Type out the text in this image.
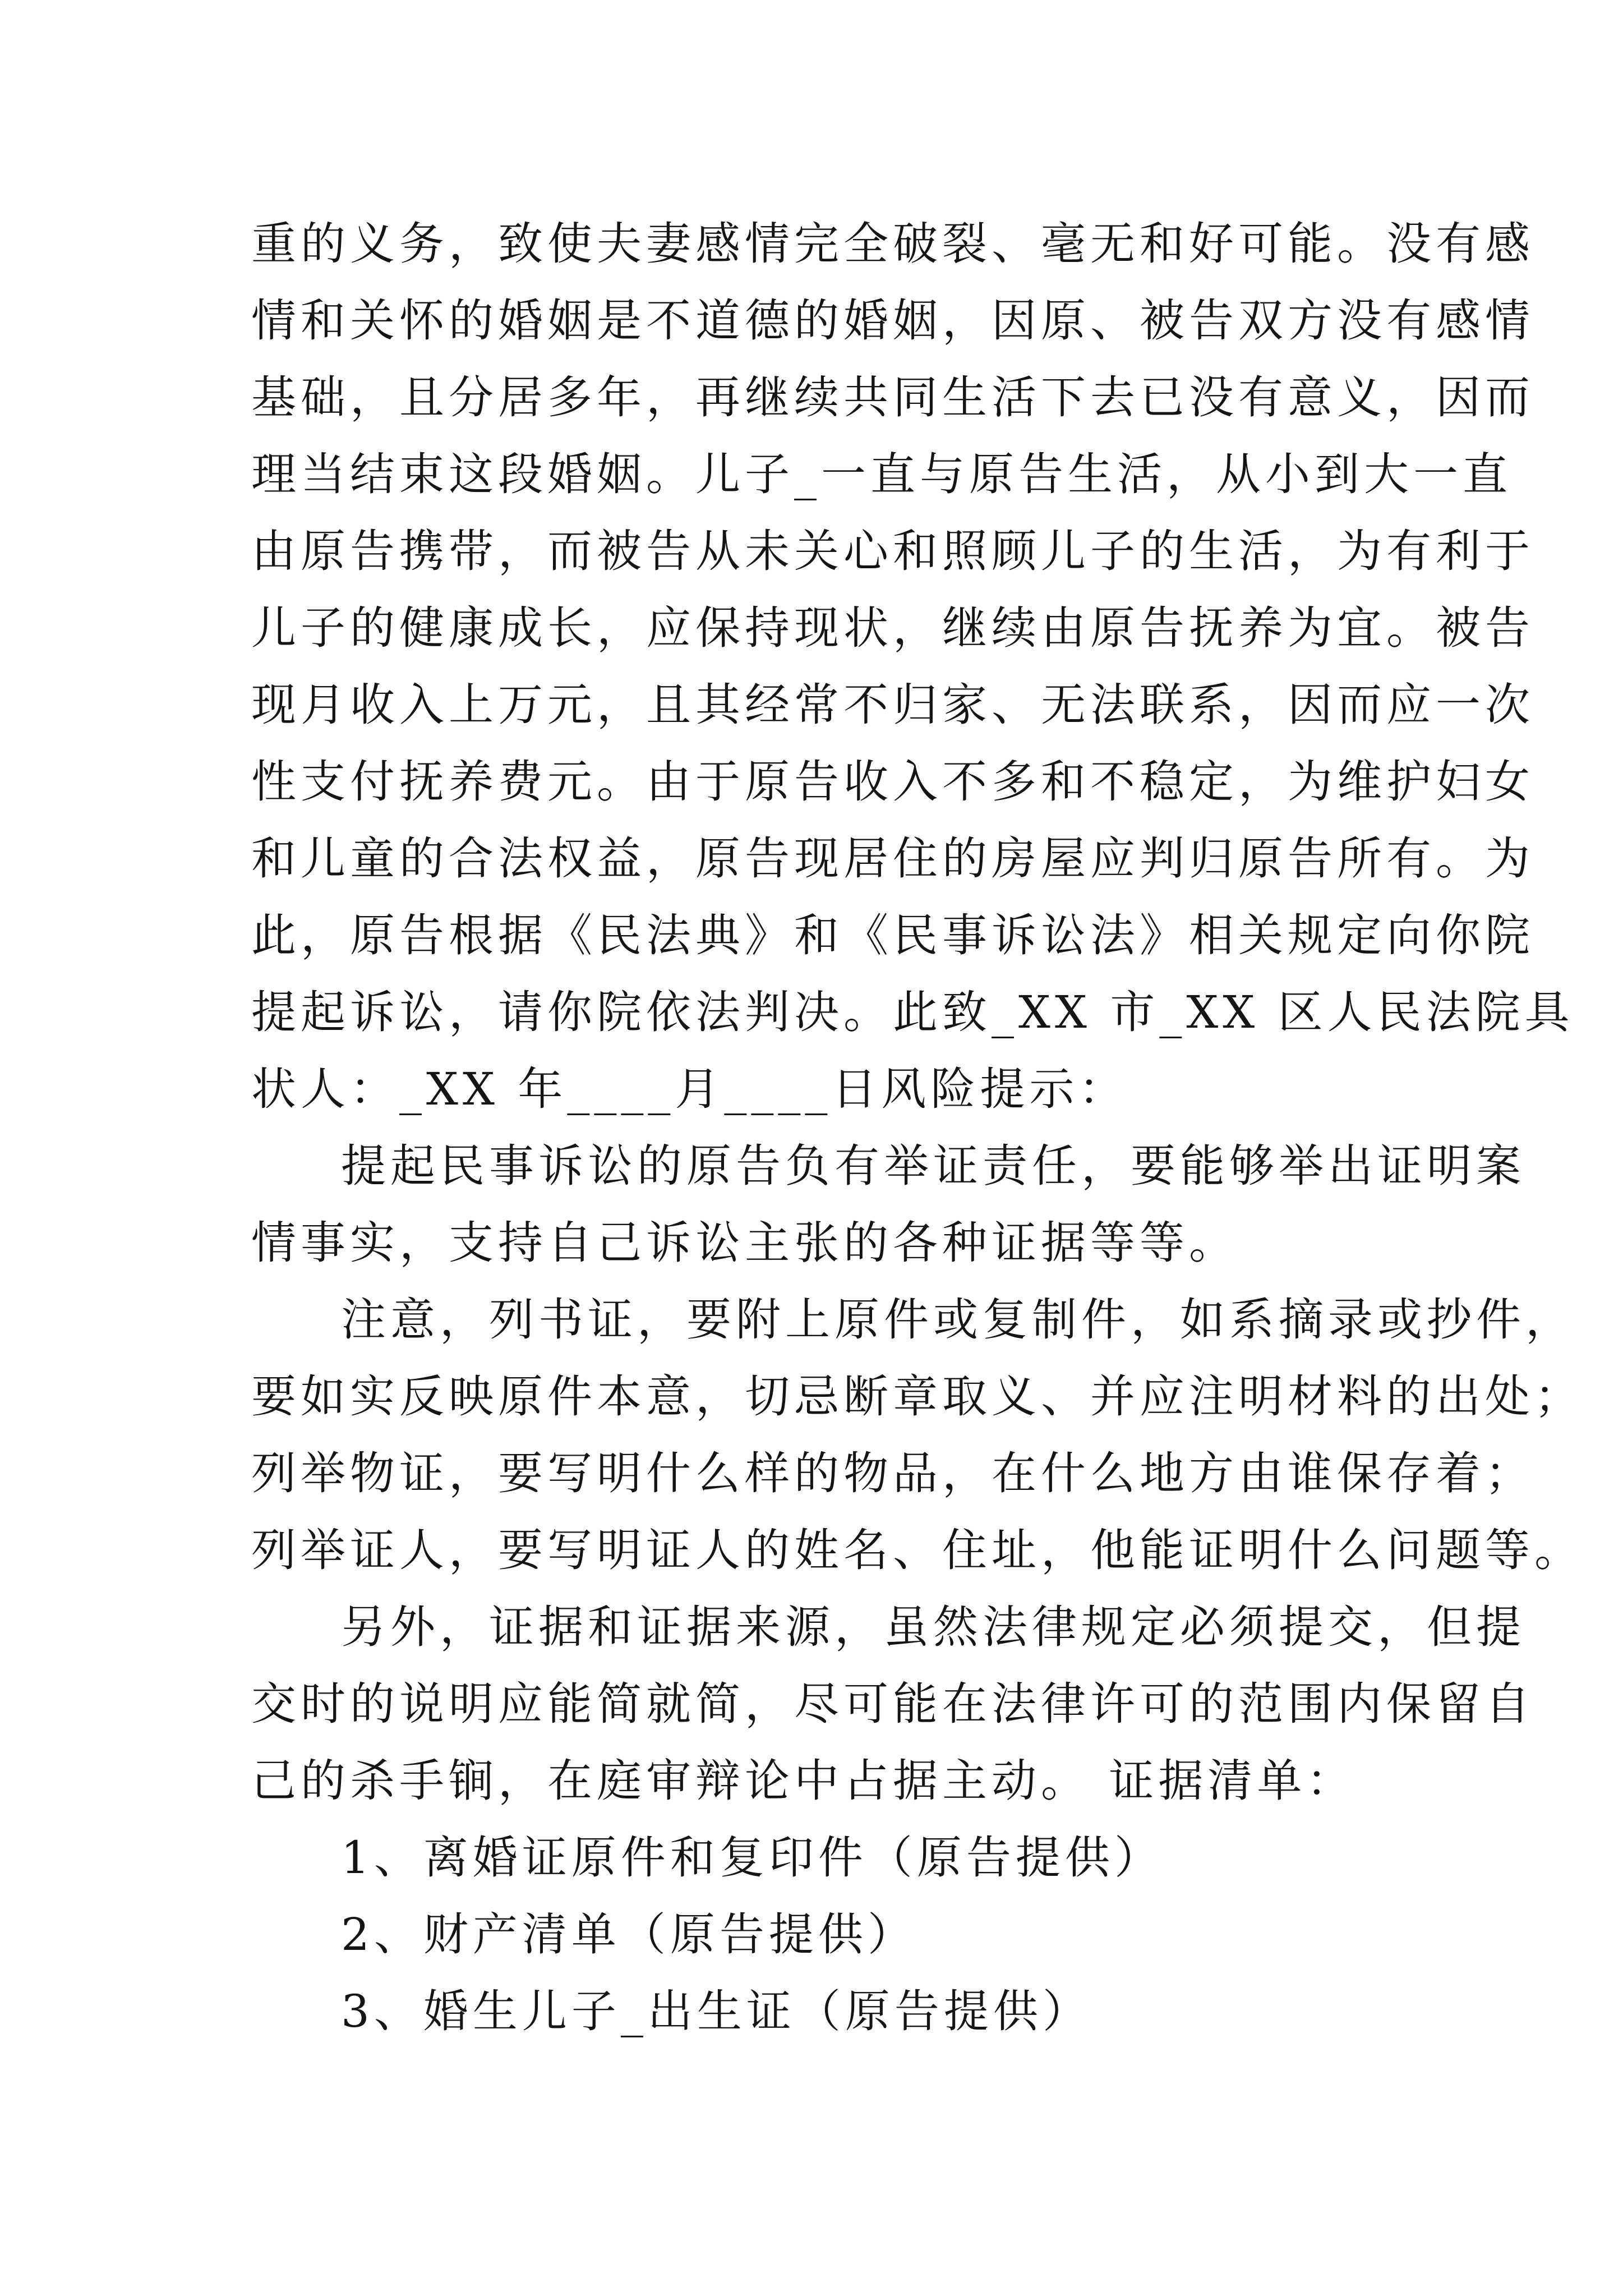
重的义务，致使夫妻感情完全破裂、毫无和好可能。没有感
情和关怀的婚姻是不道德的婚姻，因原、被告双方没有感情
基础，且分居多年，再继续共同生活下去已没有意义，因而
理当结束这段婚姻。儿子_一直与原告生活，从小到大一直
由原告携带，而被告从未关心和照顾儿子的生活，为有利于
儿子的健康成长，应保持现状，继续由原告抚养为宜。被告
现月收入上万元，且其经常不归家、无法联系，因而应一次
性支付抚养费元。由于原告收入不多和不稳定，为维护妇女
和儿童的合法权益，原告现居住的房屋应判归原告所有。为
此，原告根据《民法典》和《民事诉讼法》相关规定向你院
提起诉讼，请你院依法判决。此致_XX 市_XX 区人民法院具
状人：_XX 年____月____日风险提示：
提起民事诉讼的原告负有举证责任，要能够举出证明案
情事实，支持自己诉讼主张的各种证据等等。
注意，列书证，要附上原件或复制件，如系摘录或抄件，
要如实反映原件本意，切忌断章取义、并应注明材料的出处；
列举物证，要写明什么样的物品，在什么地方由谁保存着；
列举证人，要写明证人的姓名、住址，他能证明什么问题等。
另外，证据和证据来源，虽然法律规定必须提交，但提
交时的说明应能简就简，尽可能在法律许可的范围内保留自
己的杀手锏，在庭审辩论中占据主动。 证据清单：
1、离婚证原件和复印件（原告提供）
2、财产清单（原告提供）
3、婚生儿子_出生证（原告提供）
